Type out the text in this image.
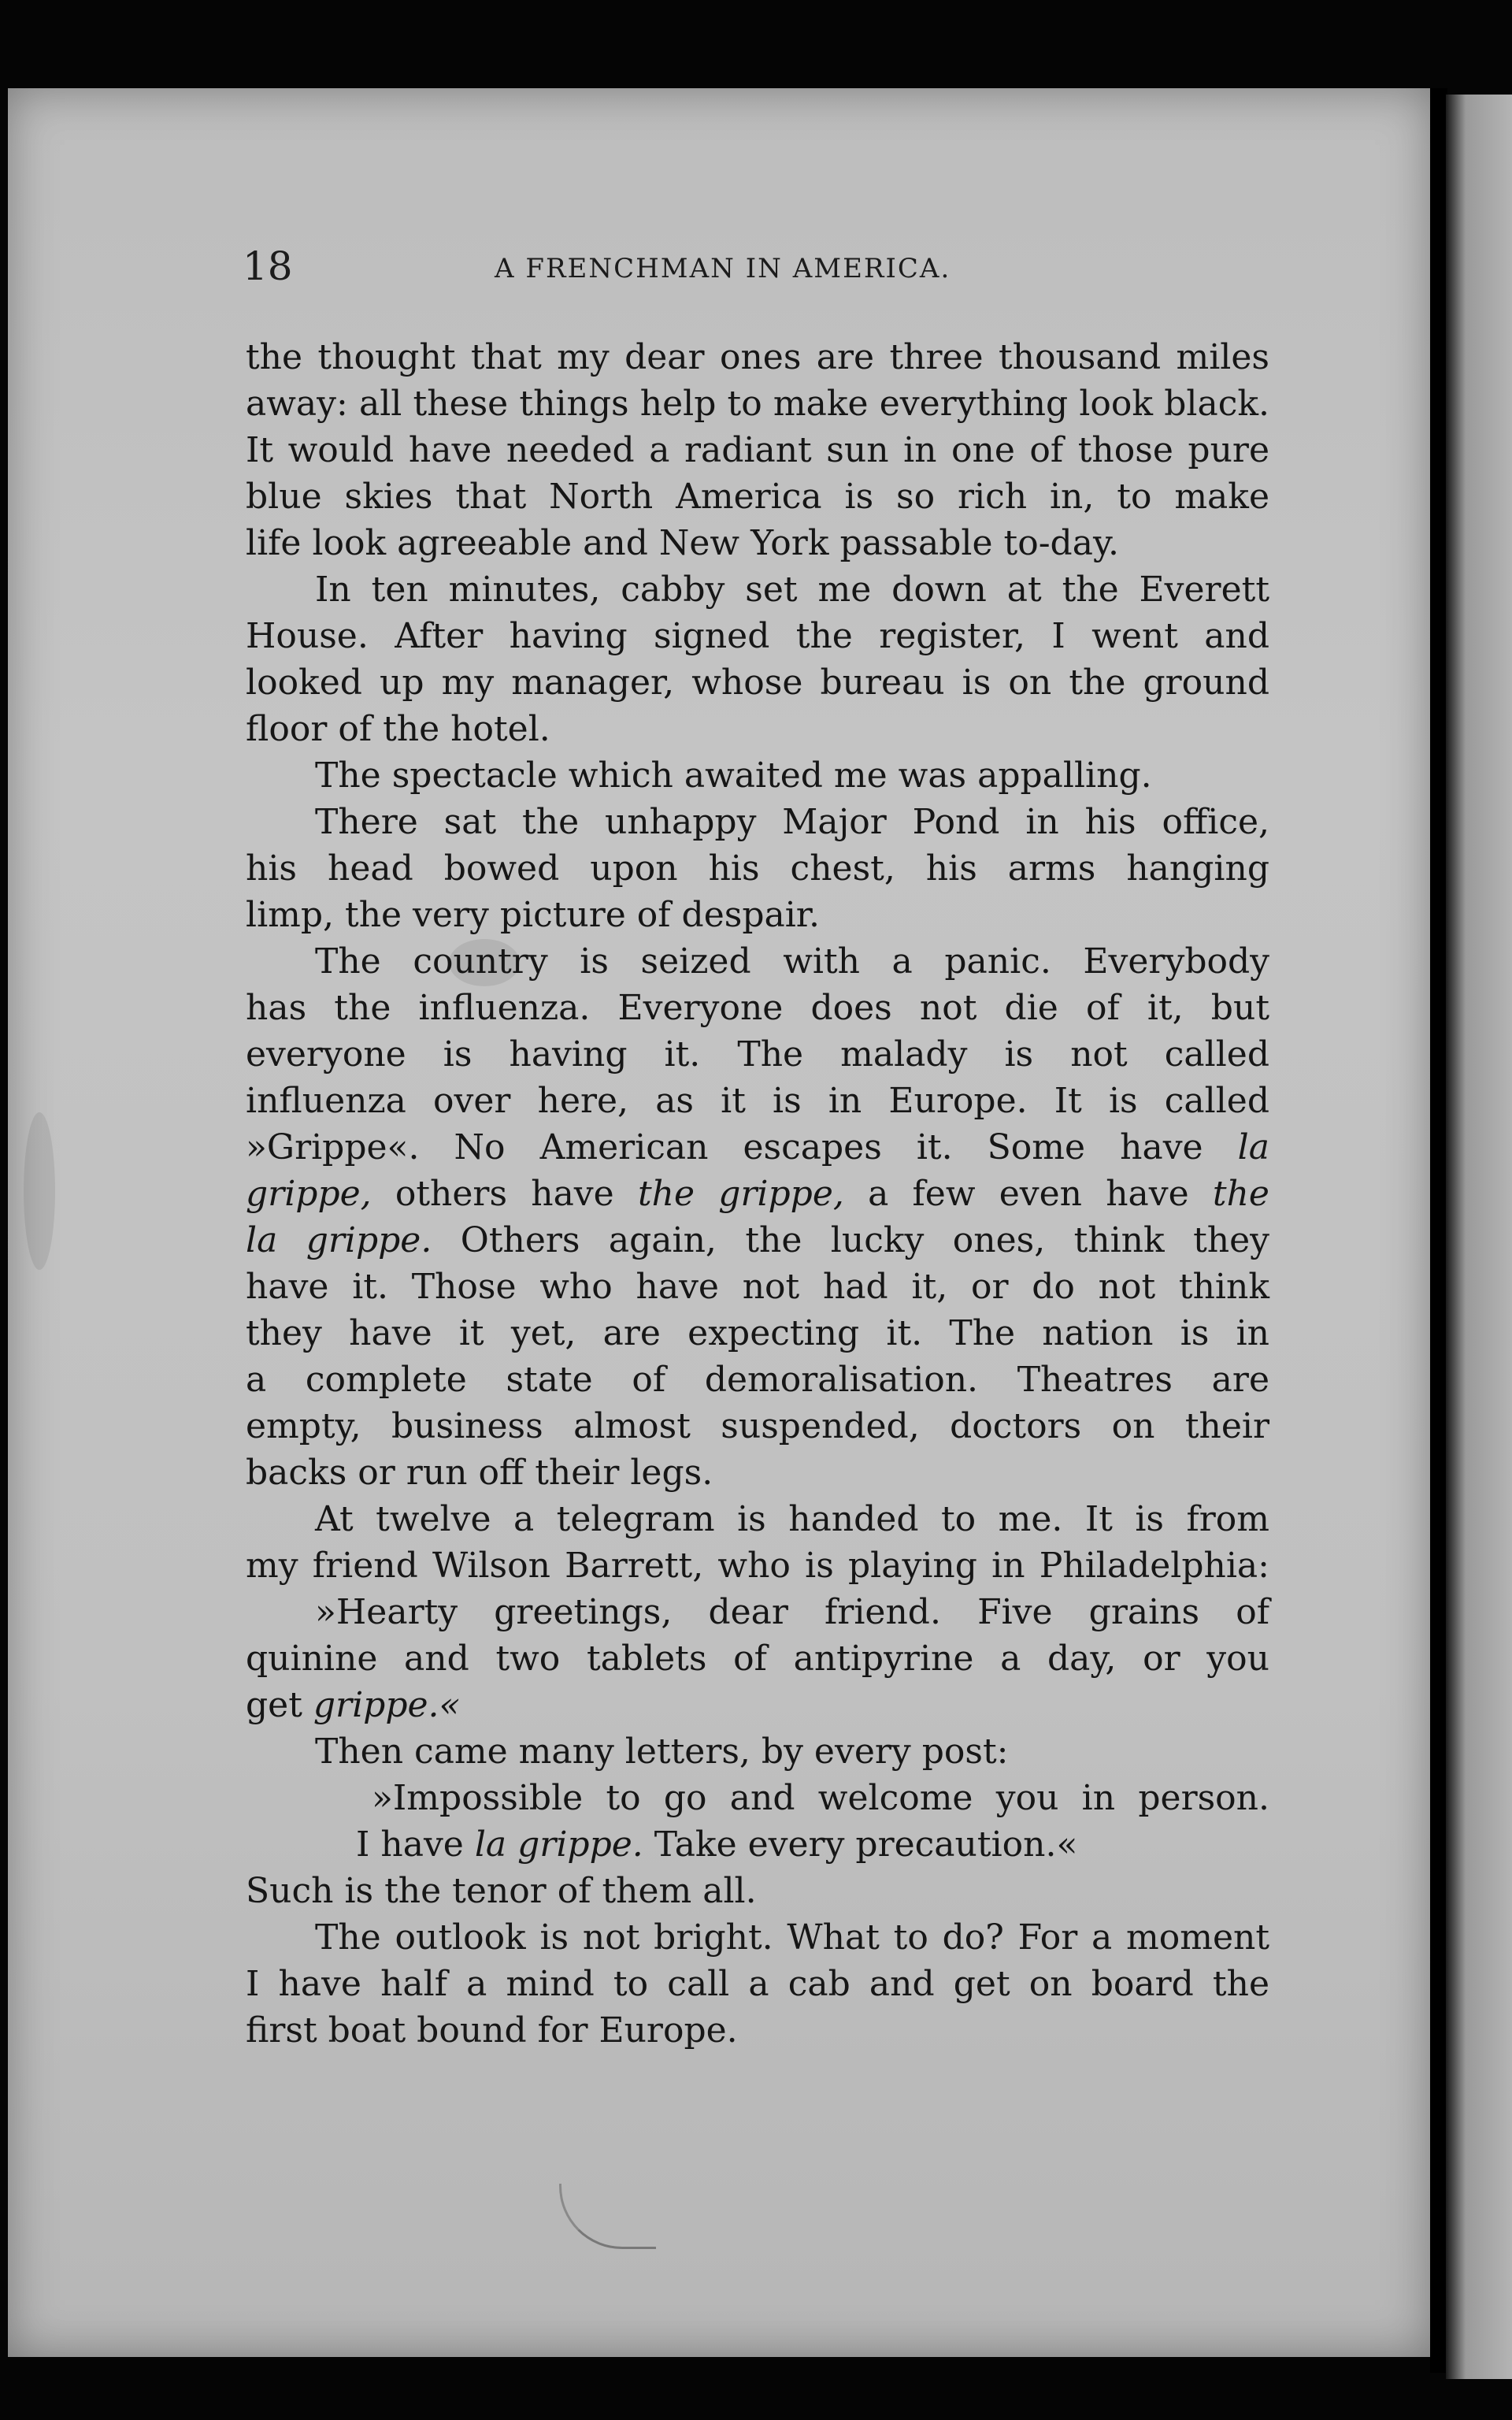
18	A FRENCHMAN IN AMERICA.
the thought that my dear ones are three thousand miles
away: all these things help to make everything look black.
It would have needed a radiant sun in one of those pure
blue skies that North America is so rich in, to make
life look agreeable and New York passable to-day.
In ten minutes, cabby set me down at the Everett
House. After having signed the register, I went and
looked up my manager, whose bureau is on the ground
floor of the hotel.
The spectacle which awaited me was appalling.
There sat the unhappy Major Pond in his office,
his head bowed upon his chest, his arms hanging
limp, the very picture of despair.
The country is seized with a panic. Everybody
has the influenza. Everyone does not die of it, but
everyone is having it. The malady is not called
influenza over here, as it is in Europe. It is called
»Grippe«. No American escapes it. Some have la
grippe, others have the grippe, a few even have the
la grippe. Others again, the lucky ones, think they
have it. Those who have not had it, or do not think
they have it yet, are expecting it. The nation is in
a complete state of demoralisation. Theatres are
empty, business almost suspended, doctors on their
backs or run off their legs.
At twelve a telegram is handed to me. It is from
my friend Wilson Barrett, who is playing in Philadelphia:
»Hearty greetings, dear friend. Five grains of
quinine and two tablets of antipyrine a day, or you
get grippe.«
Then came many letters, by every post:
»Impossible to go and welcome you in person.
I have la grippe. Take every precaution.«
Such is the tenor of them all.
The outlook is not bright. What to do? For a moment
I have half a mind to call a cab and get on board the
first boat bound for Europe.
